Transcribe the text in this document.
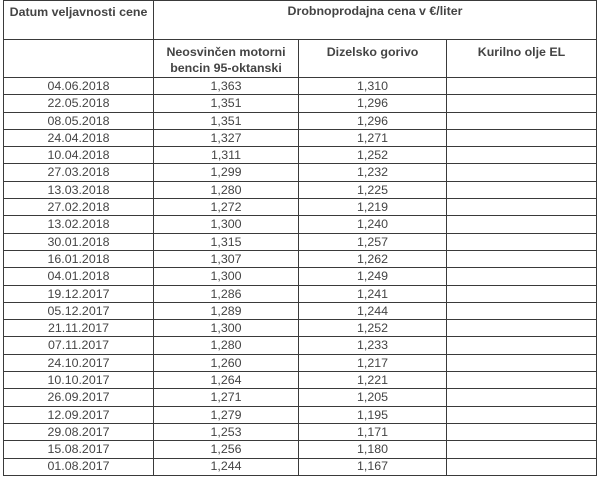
Datum veljavnosti cene	Drobnoprodajna cena v €/liter		
	Neosvinčen motorni bencin 95-oktanski	Dizelsko gorivo	Kurilno olje EL
04.06.2018	1,363	1,310	
22.05.2018	1,351	1,296	
08.05.2018	1,351	1,296	
24.04.2018	1,327	1,271	
10.04.2018	1,311	1,252	
27.03.2018	1,299	1,232	
13.03.2018	1,280	1,225	
27.02.2018	1,272	1,219	
13.02.2018	1,300	1,240	
30.01.2018	1,315	1,257	
16.01.2018	1,307	1,262	
04.01.2018	1,300	1,249	
19.12.2017	1,286	1,241	
05.12.2017	1,289	1,244	
21.11.2017	1,300	1,252	
07.11.2017	1,280	1,233	
24.10.2017	1,260	1,217	
10.10.2017	1,264	1,221	
26.09.2017	1,271	1,205	
12.09.2017	1,279	1,195	
29.08.2017	1,253	1,171	
15.08.2017	1,256	1,180	
01.08.2017	1,244	1,167	
